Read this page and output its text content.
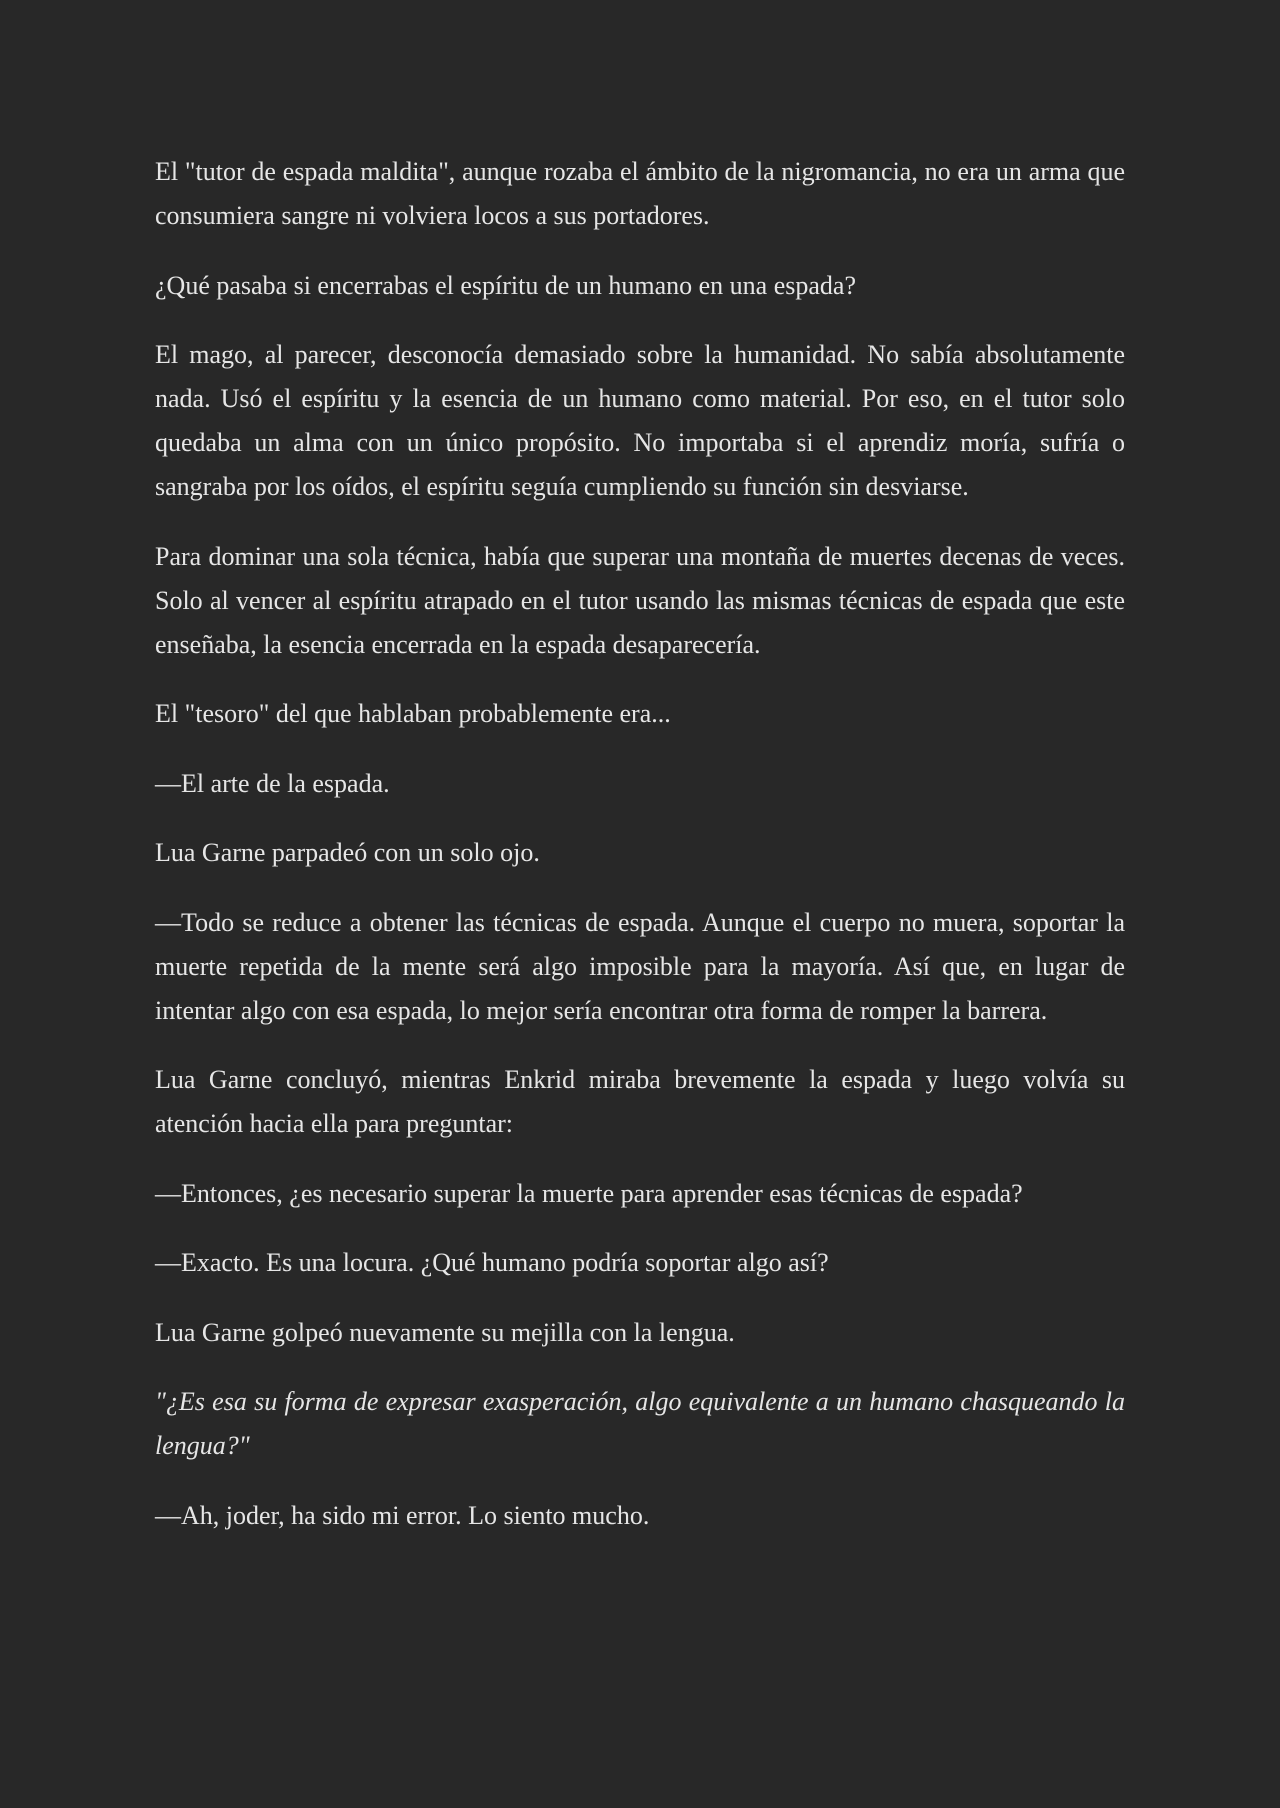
El "tutor de espada maldita", aunque rozaba el ámbito de la nigromancia, no era un arma que consumiera sangre ni volviera locos a sus portadores.

¿Qué pasaba si encerrabas el espíritu de un humano en una espada?

El mago, al parecer, desconocía demasiado sobre la humanidad. No sabía absolutamente nada. Usó el espíritu y la esencia de un humano como material. Por eso, en el tutor solo quedaba un alma con un único propósito. No importaba si el aprendiz moría, sufría o sangraba por los oídos, el espíritu seguía cumpliendo su función sin desviarse.

Para dominar una sola técnica, había que superar una montaña de muertes decenas de veces. Solo al vencer al espíritu atrapado en el tutor usando las mismas técnicas de espada que este enseñaba, la esencia encerrada en la espada desaparecería.

El "tesoro" del que hablaban probablemente era...

—El arte de la espada.

Lua Garne parpadeó con un solo ojo.

—Todo se reduce a obtener las técnicas de espada. Aunque el cuerpo no muera, soportar la muerte repetida de la mente será algo imposible para la mayoría. Así que, en lugar de intentar algo con esa espada, lo mejor sería encontrar otra forma de romper la barrera.

Lua Garne concluyó, mientras Enkrid miraba brevemente la espada y luego volvía su atención hacia ella para preguntar:

—Entonces, ¿es necesario superar la muerte para aprender esas técnicas de espada?

—Exacto. Es una locura. ¿Qué humano podría soportar algo así?

Lua Garne golpeó nuevamente su mejilla con la lengua.

"¿Es esa su forma de expresar exasperación, algo equivalente a un humano chasqueando la lengua?"

—Ah, joder, ha sido mi error. Lo siento mucho.
